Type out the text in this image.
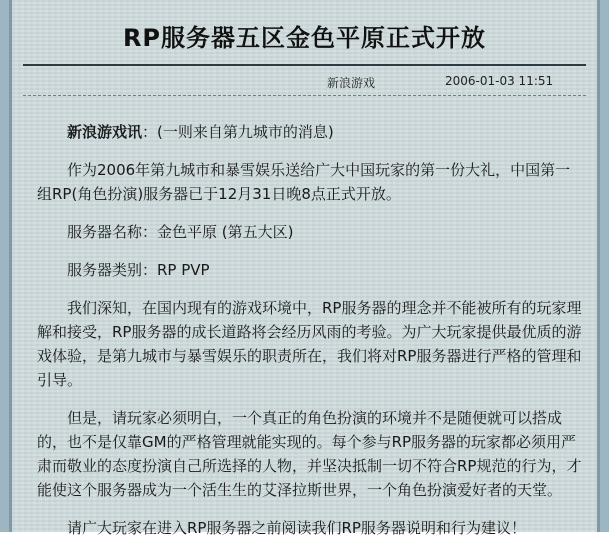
RP服务器五区金色平原正式开放
新浪游戏	2006-01-03 11:51

新浪游戏讯：(一则来自第九城市的消息)

作为2006年第九城市和暴雪娱乐送给广大中国玩家的第一份大礼，中国第一组RP(角色扮演)服务器已于12月31日晚8点正式开放。

服务器名称：金色平原 (第五大区)

服务器类别：RP PVP

我们深知，在国内现有的游戏环境中，RP服务器的理念并不能被所有的玩家理解和接受，RP服务器的成长道路将会经历风雨的考验。为广大玩家提供最优质的游戏体验，是第九城市与暴雪娱乐的职责所在，我们将对RP服务器进行严格的管理和引导。

但是，请玩家必须明白，一个真正的角色扮演的环境并不是随便就可以搭成的，也不是仅靠GM的严格管理就能实现的。每个参与RP服务器的玩家都必须用严肃而敬业的态度扮演自己所选择的人物，并坚决抵制一切不符合RP规范的行为，才能使这个服务器成为一个活生生的艾泽拉斯世界，一个角色扮演爱好者的天堂。

请广大玩家在进入RP服务器之前阅读我们RP服务器说明和行为建议！
